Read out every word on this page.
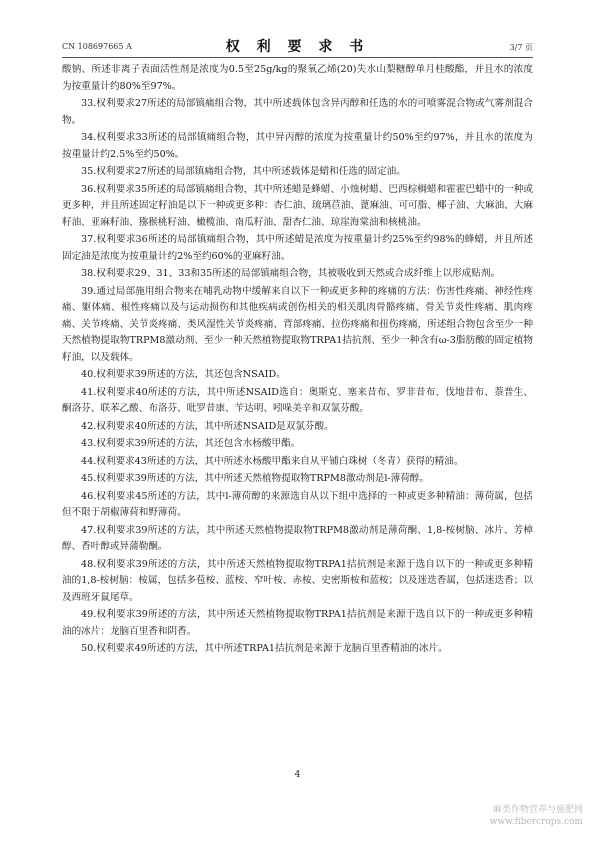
CN 108697665 A	权 利 要 求 书	3/7 页

酸钠、所述非离子表面活性剂是浓度为0.5至25g/kg的聚氧乙烯(20)失水山梨糖醇单月桂酸酯，并且水的浓度为按重量计约80%至97%。

33.权利要求27所述的局部镇痛组合物，其中所述载体包含异丙醇和任选的水的可喷雾混合物或气雾剂混合物。

34.权利要求33所述的局部镇痛组合物，其中异丙醇的浓度为按重量计约50%至约97%，并且水的浓度为按重量计约2.5%至约50%。

35.权利要求27所述的局部镇痛组合物，其中所述载体是蜡和任选的固定油。

36.权利要求35所述的局部镇痛组合物，其中所述蜡是蜂蜡、小烛树蜡、巴西棕榈蜡和霍霍巴蜡中的一种或更多种，并且所述固定籽油是以下一种或更多种：杏仁油、琉璃苣油、蓖麻油、可可脂、椰子油、大麻油、大麻籽油、亚麻籽油、猕猴桃籽油、橄榄油、南瓜籽油、甜杏仁油、琼崖海棠油和核桃油。

37.权利要求36所述的局部镇痛组合物，其中所述蜡是浓度为按重量计约25%至约98%的蜂蜡，并且所述固定油是浓度为按重量计约2%至约60%的亚麻籽油。

38.权利要求29、31、33和35所述的局部镇痛组合物，其被吸收到天然或合成纤维上以形成贴剂。

39.通过局部施用组合物来在哺乳动物中缓解来自以下一种或更多种的疼痛的方法：伤害性疼痛、神经性疼痛、躯体痛、根性疼痛以及与运动损伤和其他疾病或创伤相关的相关肌肉骨骼疼痛、骨关节炎性疼痛、肌肉疼痛、关节疼痛、关节炎疼痛、类风湿性关节炎疼痛、背部疼痛、拉伤疼痛和扭伤疼痛，所述组合物包含至少一种天然植物提取物TRPM8激动剂、至少一种天然植物提取物TRPA1拮抗剂、至少一种含有ω-3脂肪酸的固定植物籽油，以及载体。

40.权利要求39所述的方法，其还包含NSAID。

41.权利要求40所述的方法，其中所述NSAID选自：奥斯克、塞来昔布、罗非昔布、伐地昔布、萘普生、酮洛芬、联苯乙酸、布洛芬、吡罗昔康、苄达明、吲哚美辛和双氯芬酸。

42.权利要求40所述的方法，其中所述NSAID是双氯芬酸。

43.权利要求39所述的方法，其还包含水杨酸甲酯。

44.权利要求43所述的方法，其中所述水杨酸甲酯来自从平铺白珠树（冬青）获得的精油。

45.权利要求39所述的方法，其中所述天然植物提取物TRPM8激动剂是l-薄荷醇。

46.权利要求45所述的方法，其中l-薄荷醇的来源选自从以下组中选择的一种或更多种精油：薄荷属，包括但不限于胡椒薄荷和野薄荷。

47.权利要求39所述的方法，其中所述天然植物提取物TRPM8激动剂是薄荷酮、1,8-桉树脑、冰片、芳樟醇、香叶醇或异蒲勒酮。

48.权利要求39所述的方法，其中所述天然植物提取物TRPA1拮抗剂是来源于选自以下的一种或更多种精油的1,8-桉树脑：桉属，包括多苞桉、蓝桉、窄叶桉、赤桉、史密斯桉和蓝桉；以及迷迭香属，包括迷迭香；以及西班牙鼠尾草。

49.权利要求39所述的方法，其中所述天然植物提取物TRPA1拮抗剂是来源于选自以下的一种或更多种精油的冰片：龙脑百里香和阴香。

50.权利要求49所述的方法，其中所述TRPA1拮抗剂是来源于龙脑百里香精油的冰片。

4
麻类作物营养与施肥网
www.fibercrops.com
